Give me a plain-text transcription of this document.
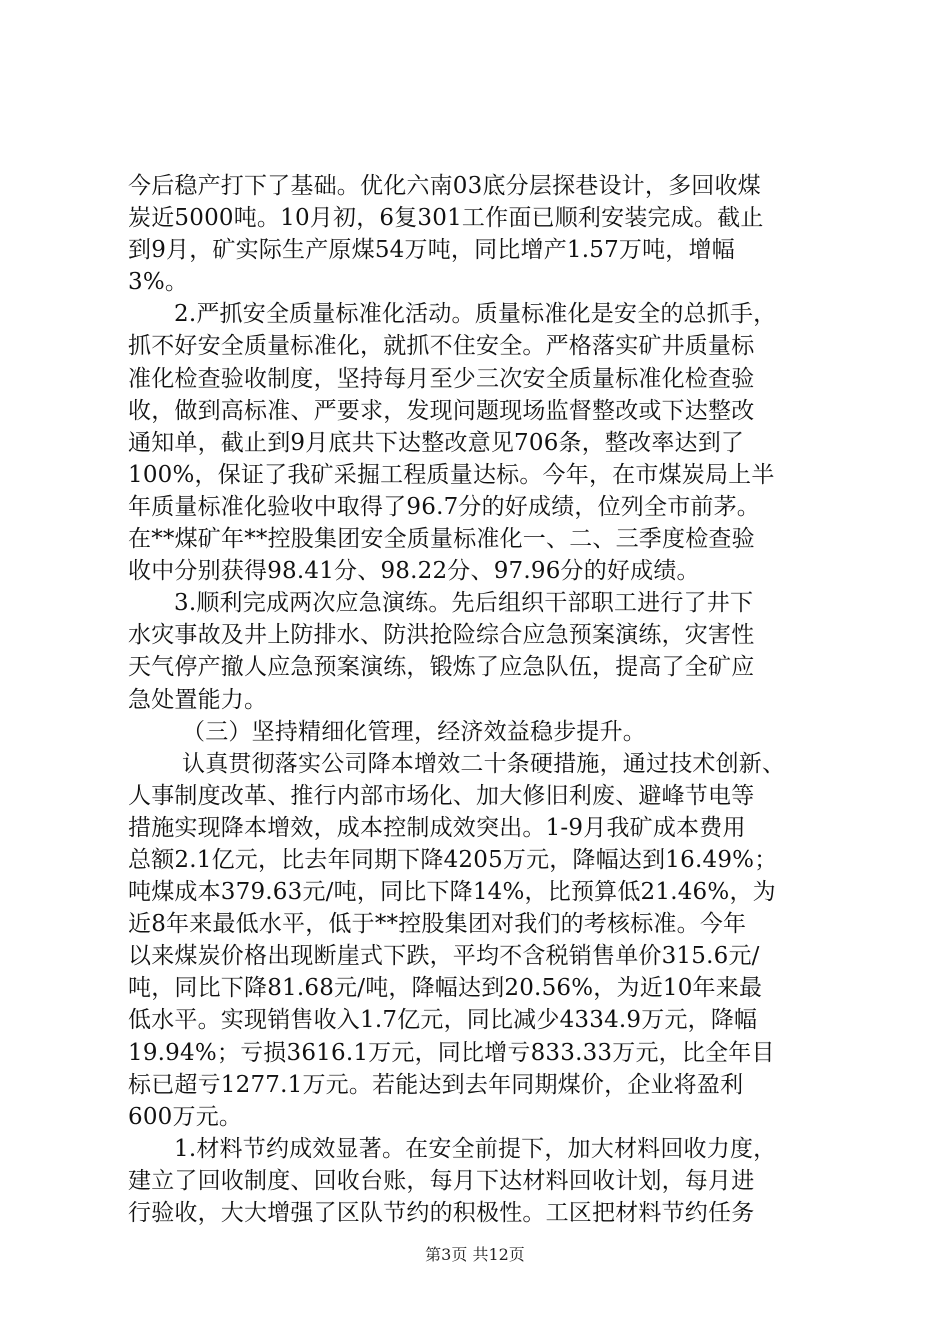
今后稳产打下了基础。优化六南03底分层探巷设计，多回收煤
炭近5000吨。10月初，6复301工作面已顺利安装完成。截止
到9月，矿实际生产原煤54万吨，同比增产1.57万吨，增幅
3%。
2.严抓安全质量标准化活动。质量标准化是安全的总抓手，
抓不好安全质量标准化，就抓不住安全。严格落实矿井质量标
准化检查验收制度，坚持每月至少三次安全质量标准化检查验
收，做到高标准、严要求，发现问题现场监督整改或下达整改
通知单，截止到9月底共下达整改意见706条，整改率达到了
100%，保证了我矿采掘工程质量达标。今年，在市煤炭局上半
年质量标准化验收中取得了96.7分的好成绩，位列全市前茅。
在**煤矿年**控股集团安全质量标准化一、二、三季度检查验
收中分别获得98.41分、98.22分、97.96分的好成绩。
3.顺利完成两次应急演练。先后组织干部职工进行了井下
水灾事故及井上防排水、防洪抢险综合应急预案演练，灾害性
天气停产撤人应急预案演练，锻炼了应急队伍，提高了全矿应
急处置能力。
（三）坚持精细化管理，经济效益稳步提升。
认真贯彻落实公司降本增效二十条硬措施，通过技术创新、
人事制度改革、推行内部市场化、加大修旧利废、避峰节电等
措施实现降本增效，成本控制成效突出。1-9月我矿成本费用
总额2.1亿元，比去年同期下降4205万元，降幅达到16.49%；
吨煤成本379.63元/吨，同比下降14%，比预算低21.46%，为
近8年来最低水平，低于**控股集团对我们的考核标准。今年
以来煤炭价格出现断崖式下跌，平均不含税销售单价315.6元/
吨，同比下降81.68元/吨，降幅达到20.56%，为近10年来最
低水平。实现销售收入1.7亿元，同比减少4334.9万元，降幅
19.94%；亏损3616.1万元，同比增亏833.33万元，比全年目
标已超亏1277.1万元。若能达到去年同期煤价，企业将盈利
600万元。
1.材料节约成效显著。在安全前提下，加大材料回收力度，
建立了回收制度、回收台账，每月下达材料回收计划，每月进
行验收，大大增强了区队节约的积极性。工区把材料节约任务
第3页 共12页
